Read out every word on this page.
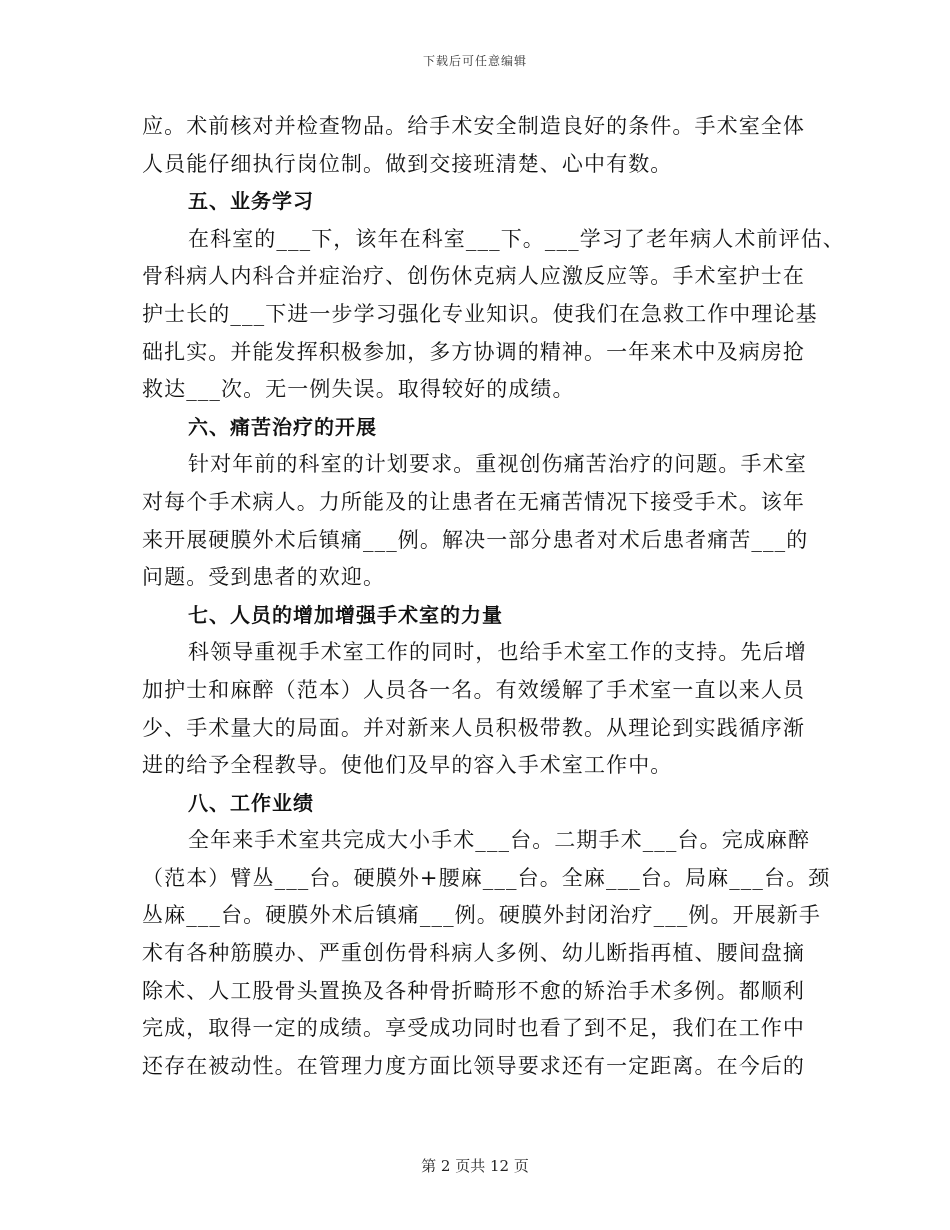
下载后可任意编辑
应。术前核对并检查物品。给手术安全制造良好的条件。手术室全体
人员能仔细执行岗位制。做到交接班清楚、心中有数。
五、业务学习
在科室的___下，该年在科室___下。___学习了老年病人术前评估、
骨科病人内科合并症治疗、创伤休克病人应激反应等。手术室护士在
护士长的___下进一步学习强化专业知识。使我们在急救工作中理论基
础扎实。并能发挥积极参加，多方协调的精神。一年来术中及病房抢
救达___次。无一例失误。取得较好的成绩。
六、痛苦治疗的开展
针对年前的科室的计划要求。重视创伤痛苦治疗的问题。手术室
对每个手术病人。力所能及的让患者在无痛苦情况下接受手术。该年
来开展硬膜外术后镇痛___例。解决一部分患者对术后患者痛苦___的
问题。受到患者的欢迎。
七、人员的增加增强手术室的力量
科领导重视手术室工作的同时，也给手术室工作的支持。先后增
加护士和麻醉（范本）人员各一名。有效缓解了手术室一直以来人员
少、手术量大的局面。并对新来人员积极带教。从理论到实践循序渐
进的给予全程教导。使他们及早的容入手术室工作中。
八、工作业绩
全年来手术室共完成大小手术___台。二期手术___台。完成麻醉
（范本）臂丛___台。硬膜外+腰麻___台。全麻___台。局麻___台。颈
丛麻___台。硬膜外术后镇痛___例。硬膜外封闭治疗___例。开展新手
术有各种筋膜办、严重创伤骨科病人多例、幼儿断指再植、腰间盘摘
除术、人工股骨头置换及各种骨折畸形不愈的矫治手术多例。都顺利
完成，取得一定的成绩。享受成功同时也看了到不足，我们在工作中
还存在被动性。在管理力度方面比领导要求还有一定距离。在今后的
第 2 页共 12 页
